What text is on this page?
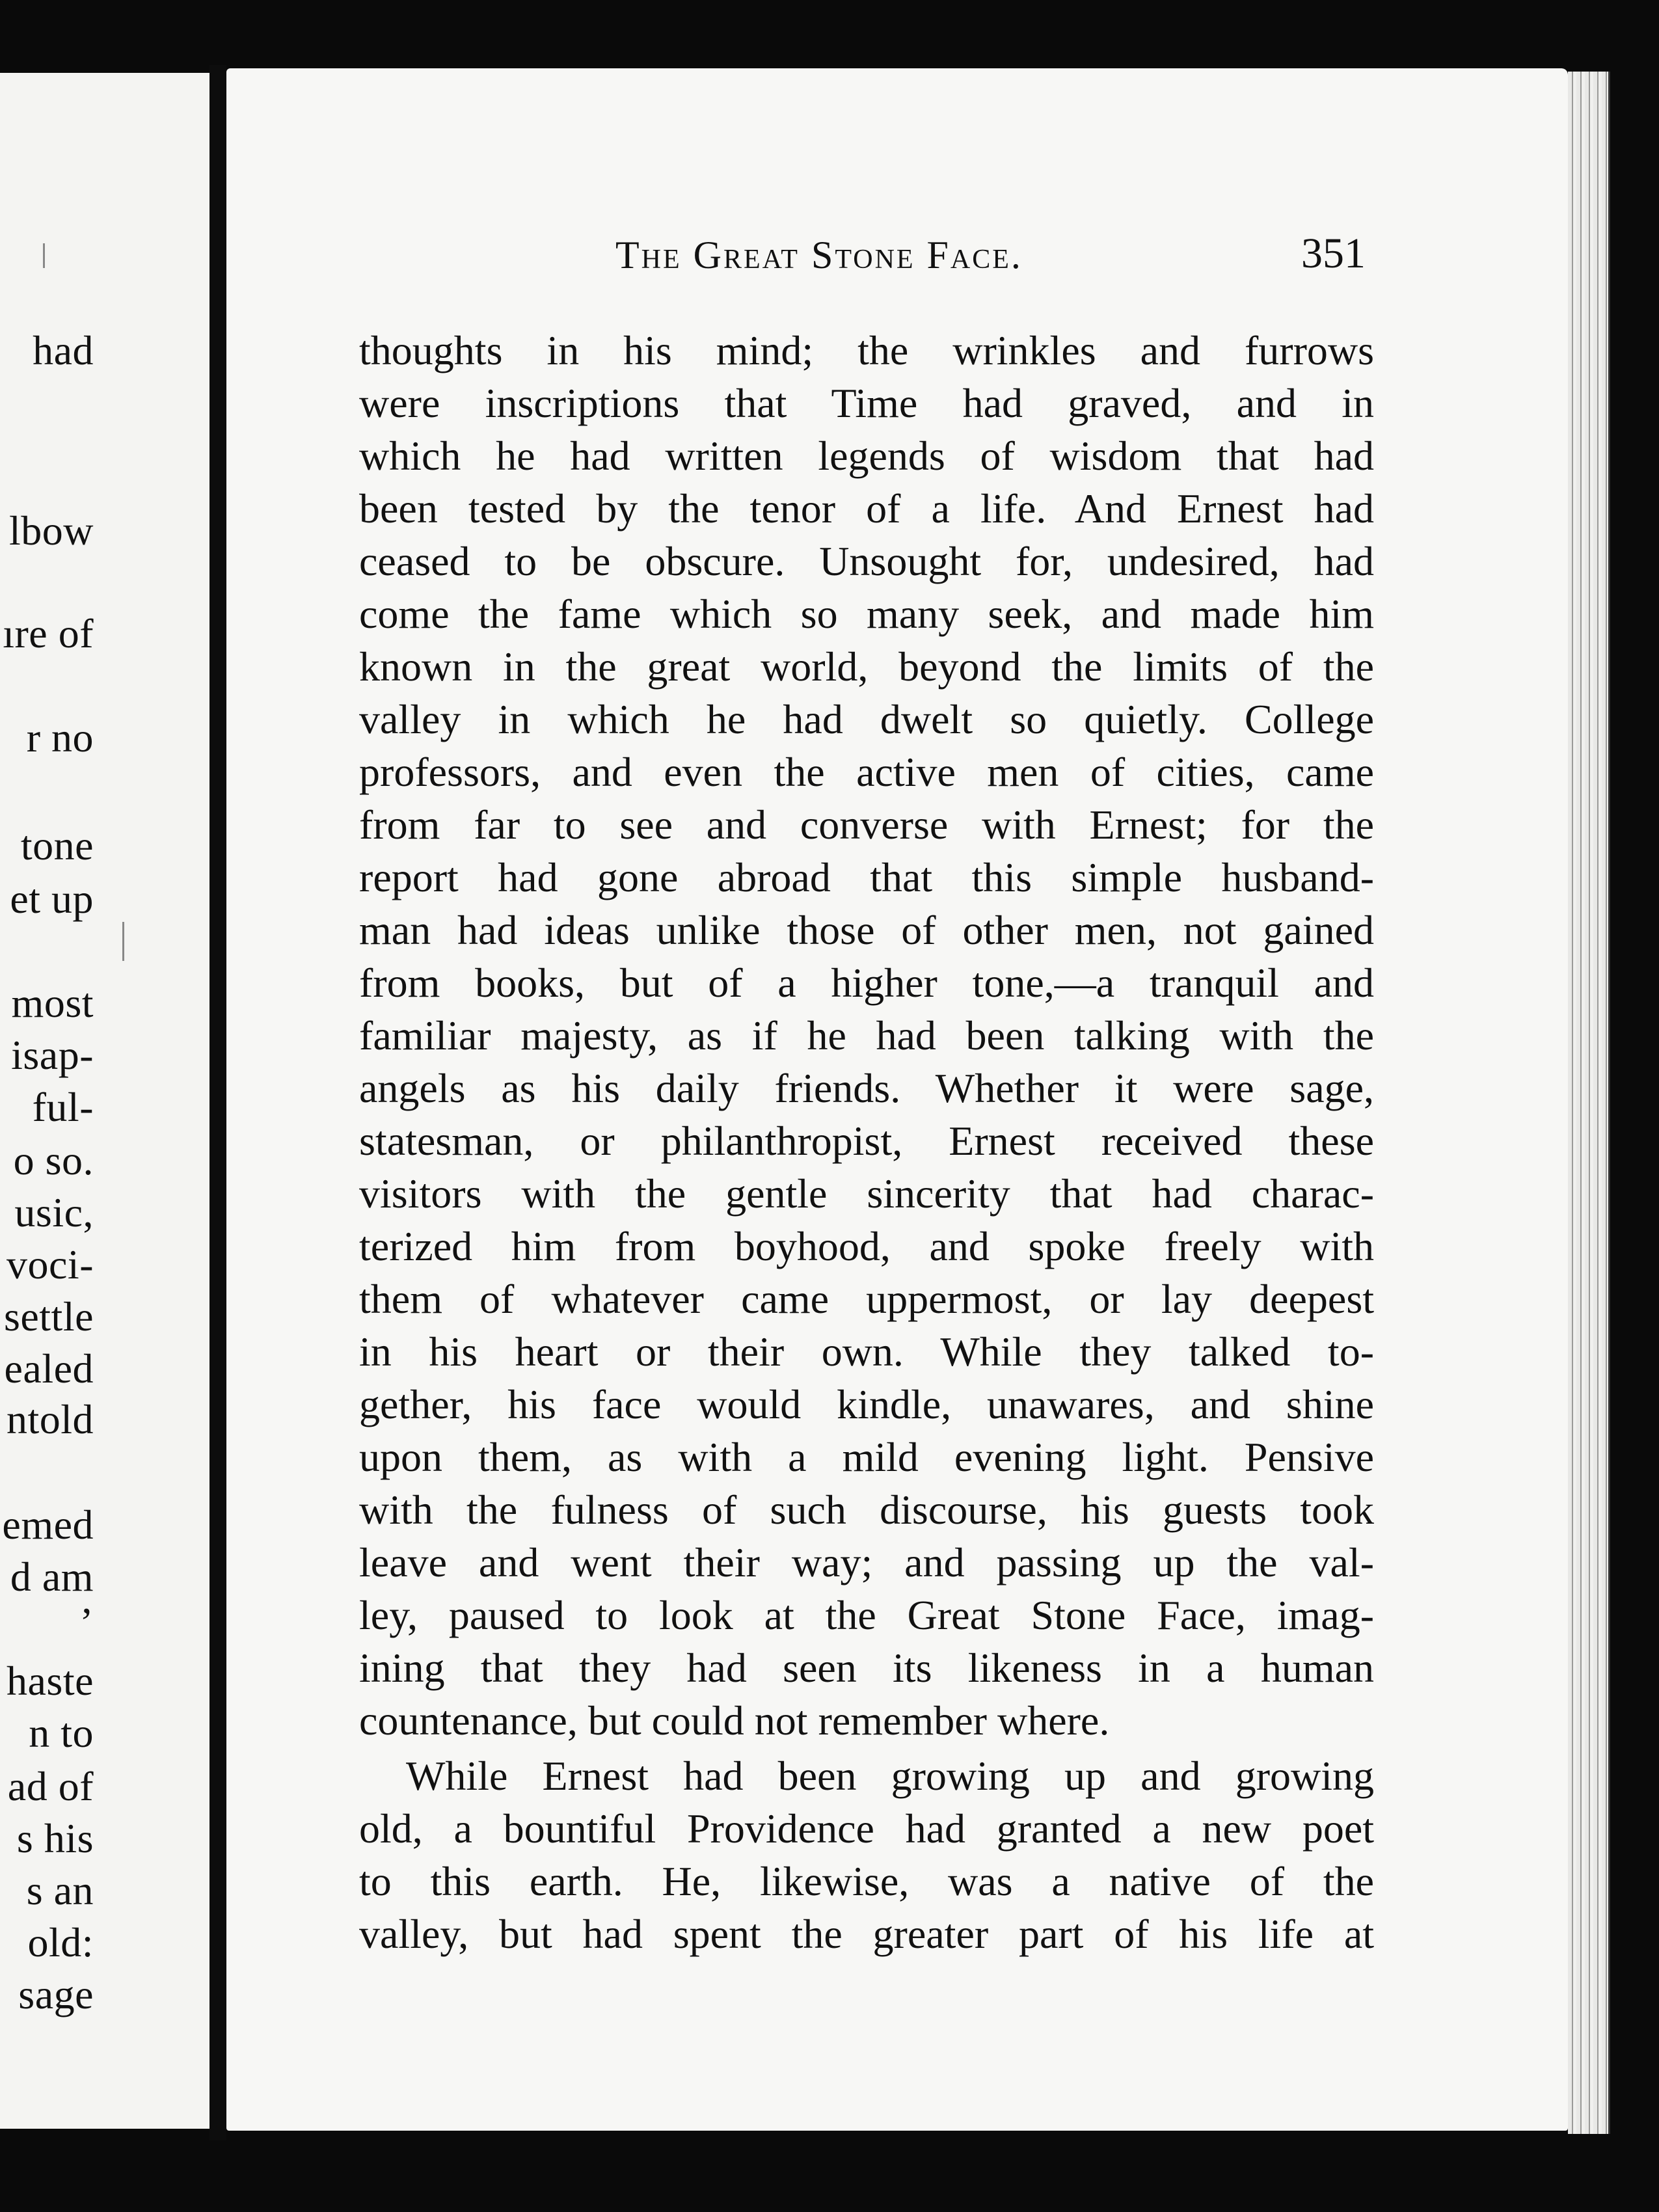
had
lbow
ıre of
r no
tone
et up
most
isap-
ful-
o so.
usic,
voci-
settle
ealed
ntold
emed
d am
’
haste
n to
ad of
s his
s an
old:
sage
The Great Stone Face.	351
thoughts in his mind; the wrinkles and furrows
were inscriptions that Time had graved, and in
which he had written legends of wisdom that had
been tested by the tenor of a life. And Ernest had
ceased to be obscure. Unsought for, undesired, had
come the fame which so many seek, and made him
known in the great world, beyond the limits of the
valley in which he had dwelt so quietly. College
professors, and even the active men of cities, came
from far to see and converse with Ernest; for the
report had gone abroad that this simple husband-
man had ideas unlike those of other men, not gained
from books, but of a higher tone,—a tranquil and
familiar majesty, as if he had been talking with the
angels as his daily friends. Whether it were sage,
statesman, or philanthropist, Ernest received these
visitors with the gentle sincerity that had charac-
terized him from boyhood, and spoke freely with
them of whatever came uppermost, or lay deepest
in his heart or their own. While they talked to-
gether, his face would kindle, unawares, and shine
upon them, as with a mild evening light. Pensive
with the fulness of such discourse, his guests took
leave and went their way; and passing up the val-
ley, paused to look at the Great Stone Face, imag-
ining that they had seen its likeness in a human
countenance, but could not remember where.
While Ernest had been growing up and growing
old, a bountiful Providence had granted a new poet
to this earth. He, likewise, was a native of the
valley, but had spent the greater part of his life at
